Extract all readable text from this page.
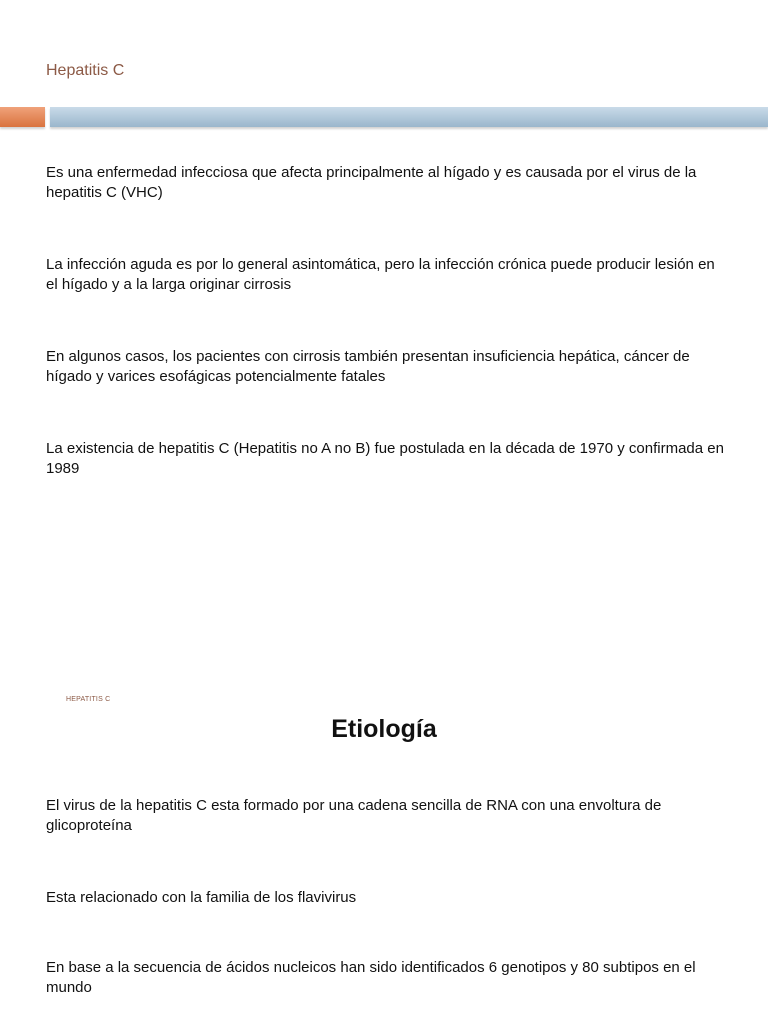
Hepatitis C
Es una enfermedad infecciosa que afecta principalmente al hígado y es causada por el virus de la hepatitis C (VHC)
La infección aguda es por lo general asintomática, pero la infección crónica puede producir lesión en el hígado y a la larga originar cirrosis
En algunos casos, los pacientes con cirrosis también presentan insuficiencia hepática, cáncer de hígado y varices esofágicas potencialmente fatales
La existencia de hepatitis C (Hepatitis no A no B) fue postulada en la década de 1970 y confirmada en 1989
HEPATITIS C
Etiología
El virus de la hepatitis C esta formado por una cadena sencilla de RNA con una envoltura de glicoproteína
Esta relacionado con la familia de los flavivirus
En base a la secuencia de ácidos nucleicos han sido identificados 6 genotipos y 80 subtipos en el mundo
